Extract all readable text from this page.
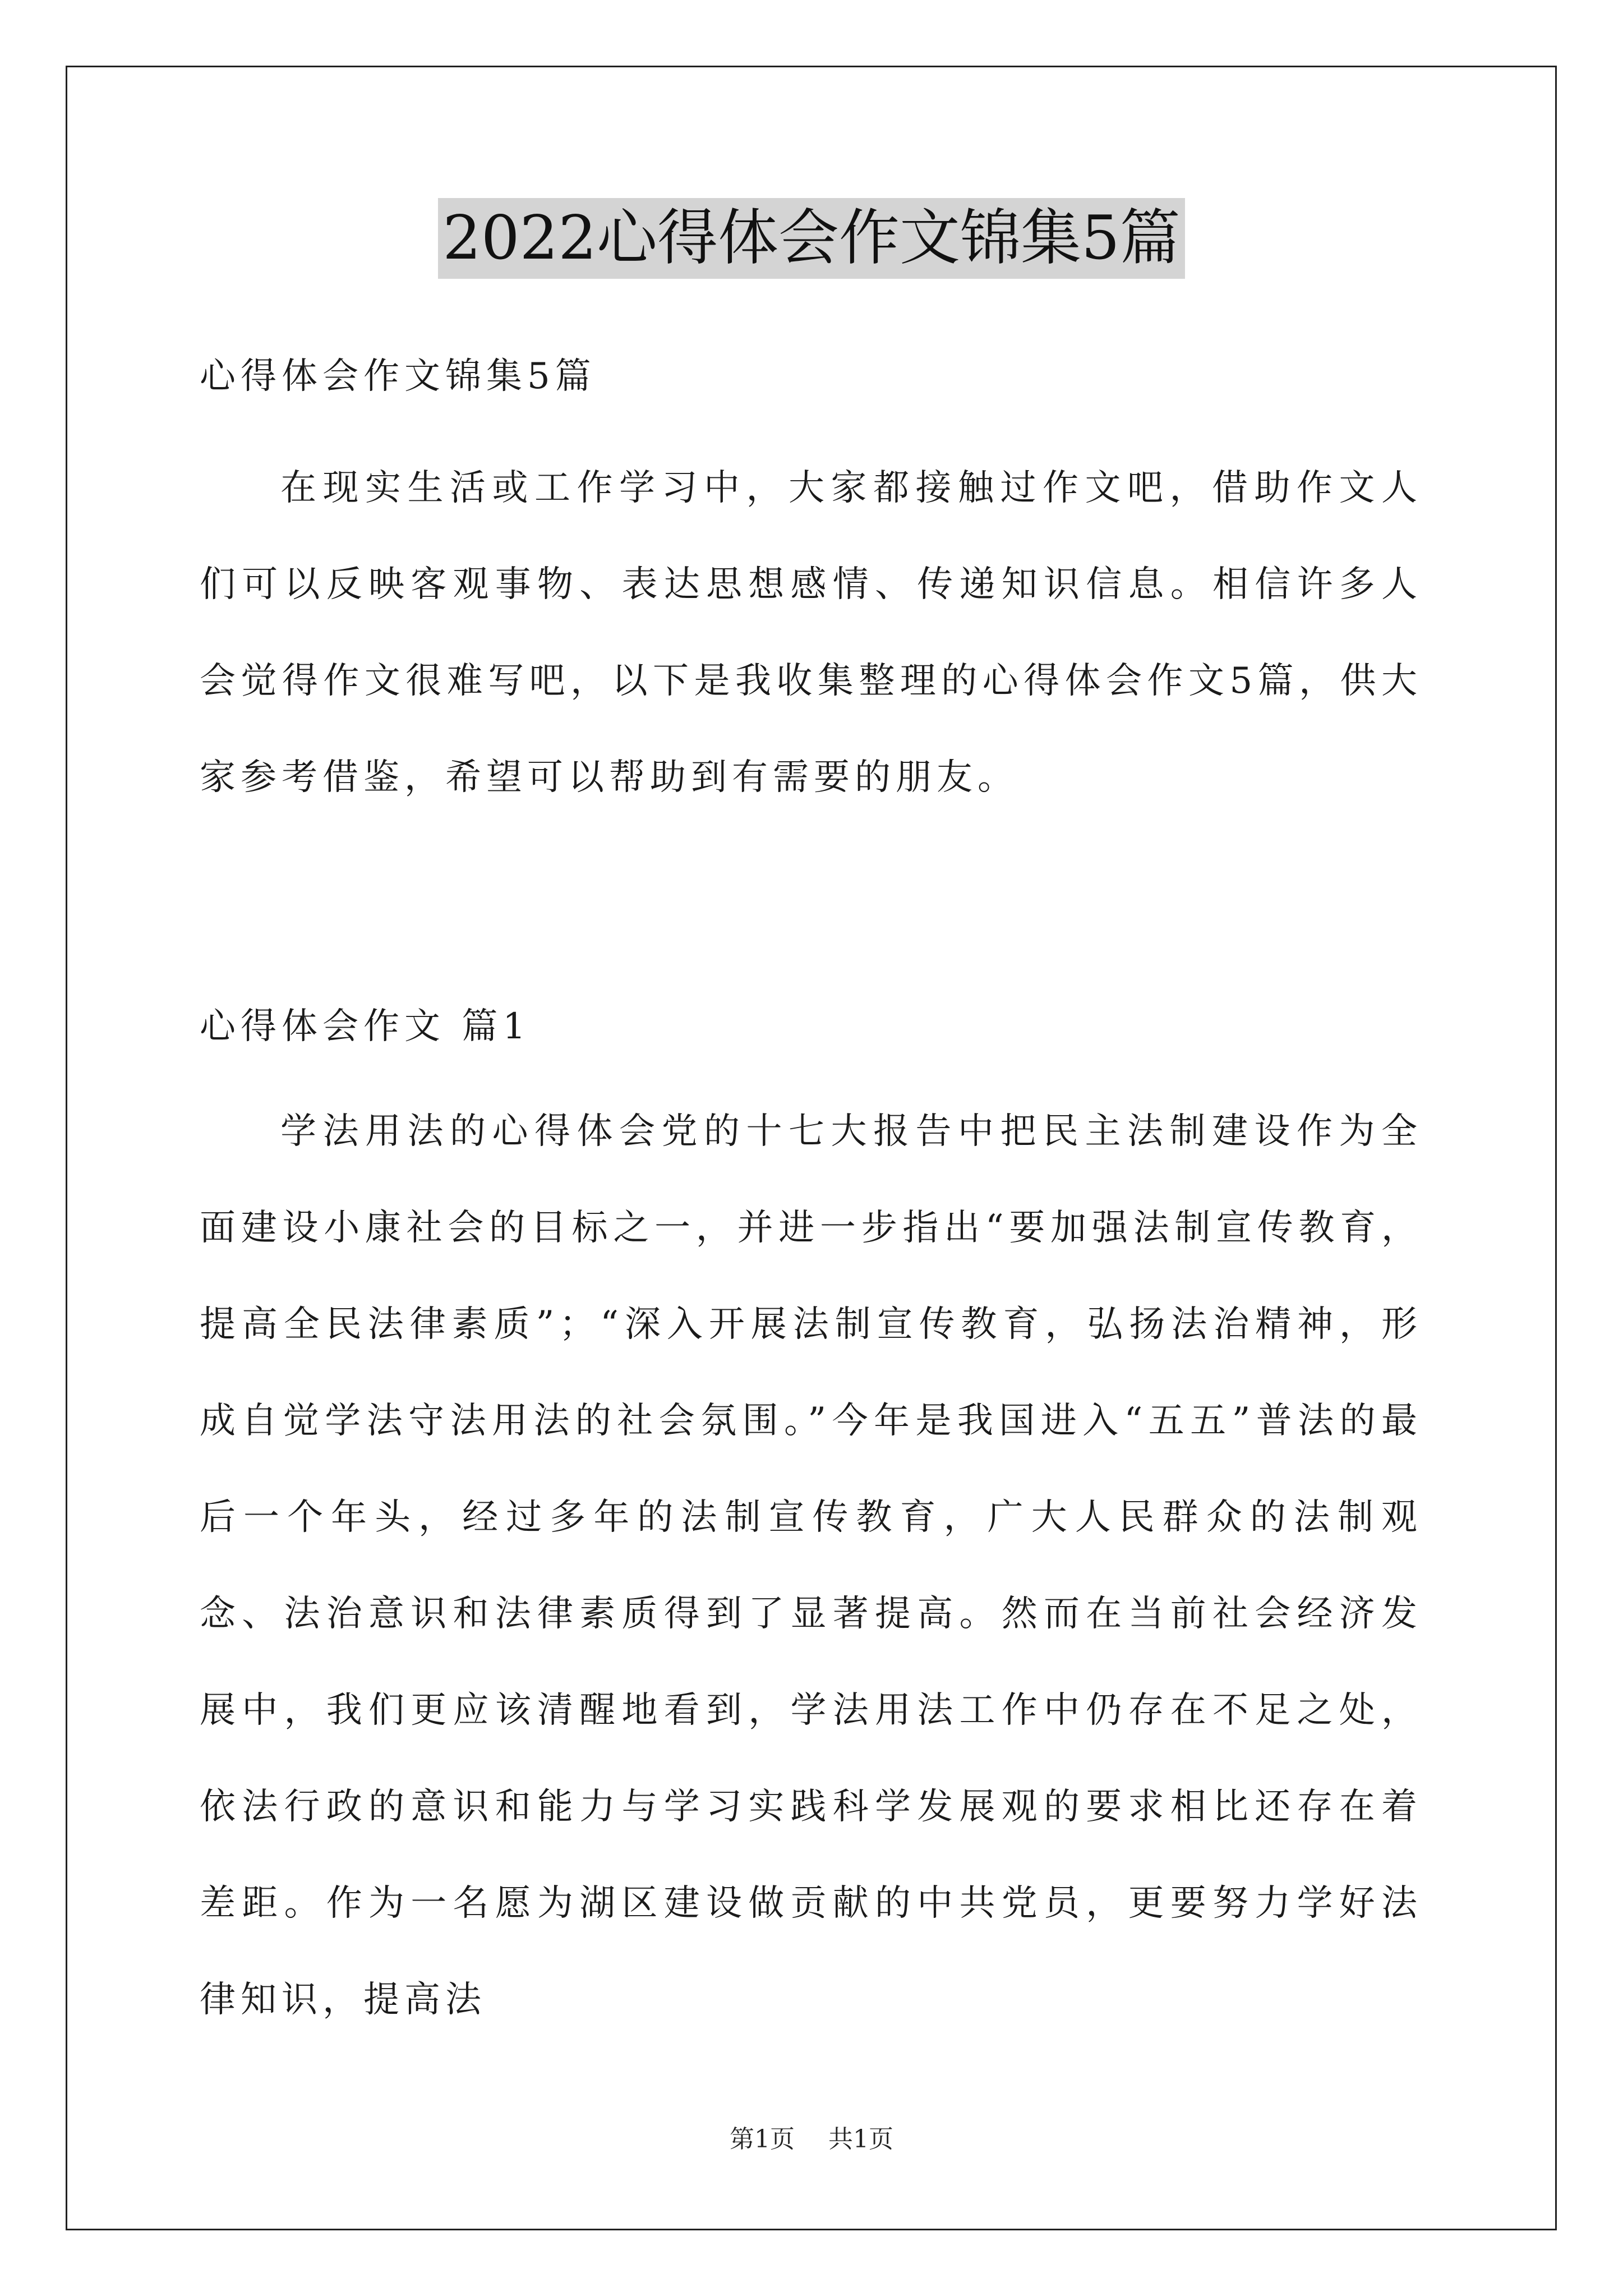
2022心得体会作文锦集5篇

心得体会作文锦集5篇

在现实生活或工作学习中，大家都接触过作文吧，借助作文人们可以反映客观事物、表达思想感情、传递知识信息。相信许多人会觉得作文很难写吧，以下是我收集整理的心得体会作文5篇，供大家参考借鉴，希望可以帮助到有需要的朋友。

心得体会作文 篇1

学法用法的心得体会党的十七大报告中把民主法制建设作为全面建设小康社会的目标之一，并进一步指出“要加强法制宣传教育，提高全民法律素质”；“深入开展法制宣传教育，弘扬法治精神，形成自觉学法守法用法的社会氛围。”今年是我国进入“五五”普法的最后一个年头，经过多年的法制宣传教育，广大人民群众的法制观念、法治意识和法律素质得到了显著提高。然而在当前社会经济发展中，我们更应该清醒地看到，学法用法工作中仍存在不足之处，依法行政的意识和能力与学习实践科学发展观的要求相比还存在着差距。作为一名愿为湖区建设做贡献的中共党员，更要努力学好法律知识，提高法

第1页 共1页
